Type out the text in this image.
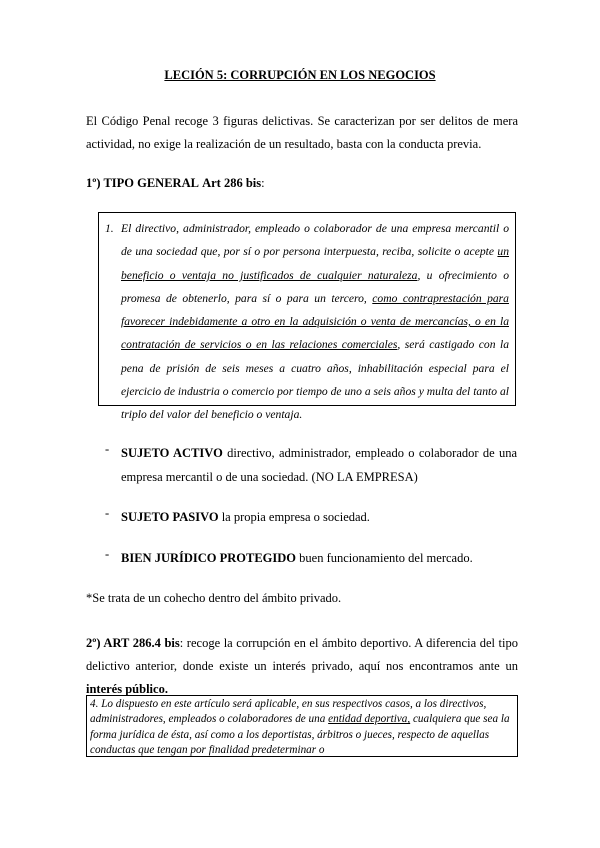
LECIÓN 5: CORRUPCIÓN EN LOS NEGOCIOS
El Código Penal recoge 3 figuras delictivas. Se caracterizan por ser delitos de mera actividad, no exige la realización de un resultado, basta con la conducta previa.
1º) TIPO GENERAL Art 286 bis:
1. El directivo, administrador, empleado o colaborador de una empresa mercantil o de una sociedad que, por sí o por persona interpuesta, reciba, solicite o acepte un beneficio o ventaja no justificados de cualquier naturaleza, u ofrecimiento o promesa de obtenerlo, para sí o para un tercero, como contraprestación para favorecer indebidamente a otro en la adquisición o venta de mercancías, o en la contratación de servicios o en las relaciones comerciales, será castigado con la pena de prisión de seis meses a cuatro años, inhabilitación especial para el ejercicio de industria o comercio por tiempo de uno a seis años y multa del tanto al triplo del valor del beneficio o ventaja.
- SUJETO ACTIVO directivo, administrador, empleado o colaborador de una empresa mercantil o de una sociedad. (NO LA EMPRESA)
- SUJETO PASIVO la propia empresa o sociedad.
- BIEN JURÍDICO PROTEGIDO buen funcionamiento del mercado.
*Se trata de un cohecho dentro del ámbito privado.
2º) ART 286.4 bis: recoge la corrupción en el ámbito deportivo. A diferencia del tipo delictivo anterior, donde existe un interés privado, aquí nos encontramos ante un interés público.
4. Lo dispuesto en este artículo será aplicable, en sus respectivos casos, a los directivos, administradores, empleados o colaboradores de una entidad deportiva, cualquiera que sea la forma jurídica de ésta, así como a los deportistas, árbitros o jueces, respecto de aquellas conductas que tengan por finalidad predeterminar o
